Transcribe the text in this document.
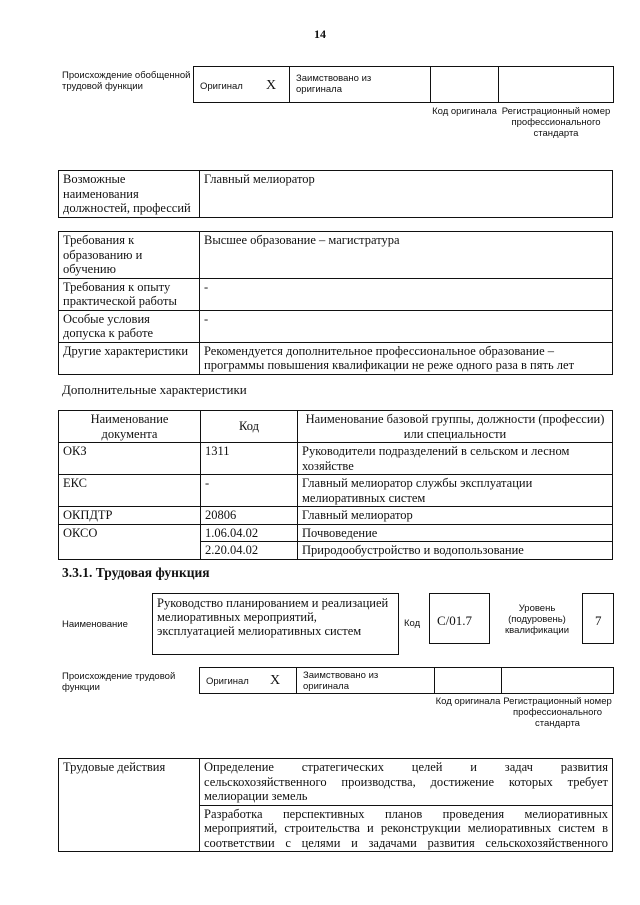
14
Происхождение обобщенной трудовой функции	Оригинал X Заимствовано из оригинала
Код оригинала Регистрационный номер профессионального стандарта
Возможные наименования должностей, профессий	Главный мелиоратор
Требования к образованию и обучению	Высшее образование – магистратура
Требования к опыту практической работы	-
Особые условия допуска к работе	-
Другие характеристики	Рекомендуется дополнительное профессиональное образование – программы повышения квалификации не реже одного раза в пять лет
Дополнительные характеристики
Наименование документа	Код	Наименование базовой группы, должности (профессии) или специальности
ОКЗ	1311	Руководители подразделений в сельском и лесном хозяйстве
ЕКС	-	Главный мелиоратор службы эксплуатации мелиоративных систем
ОКПДТР	20806	Главный мелиоратор
ОКСО	1.06.04.02	Почвоведение
	2.20.04.02	Природообустройство и водопользование
3.3.1. Трудовая функция
Наименование
Руководство планированием и реализацией мелиоративных мероприятий, эксплуатацией мелиоративных систем
Код C/01.7
Уровень (подуровень) квалификации
7
Происхождение трудовой функции
Оригинал X Заимствовано из оригинала
Код оригинала Регистрационный номер профессионального стандарта
Трудовые действия	Определение стратегических целей и задач развития сельскохозяйственного производства, достижение которых требует мелиорации земель
Разработка перспективных планов проведения мелиоративных мероприятий, строительства и реконструкции мелиоративных систем в соответствии с целями и задачами развития сельскохозяйственного
